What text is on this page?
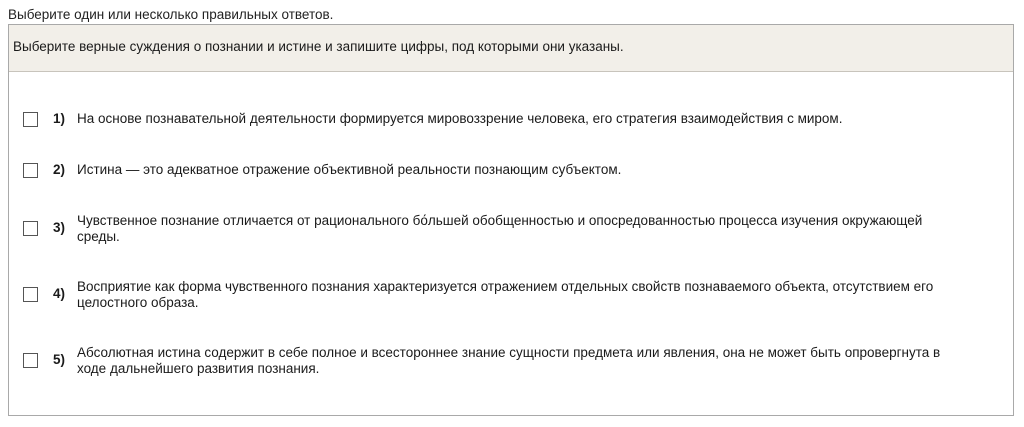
Выберите один или несколько правильных ответов.
Выберите верные суждения о познании и истине и запишите цифры, под которыми они указаны.
1) На основе познавательной деятельности формируется мировоззрение человека, его стратегия взаимодействия с миром.
2) Истина — это адекватное отражение объективной реальности познающим субъектом.
3) Чувственное познание отличается от рационального бо́льшей обобщенностью и опосредованностью процесса изучения окружающей среды.
4) Восприятие как форма чувственного познания характеризуется отражением отдельных свойств познаваемого объекта, отсутствием его целостного образа.
5) Абсолютная истина содержит в себе полное и всестороннее знание сущности предмета или явления, она не может быть опровергнута в ходе дальнейшего развития познания.
